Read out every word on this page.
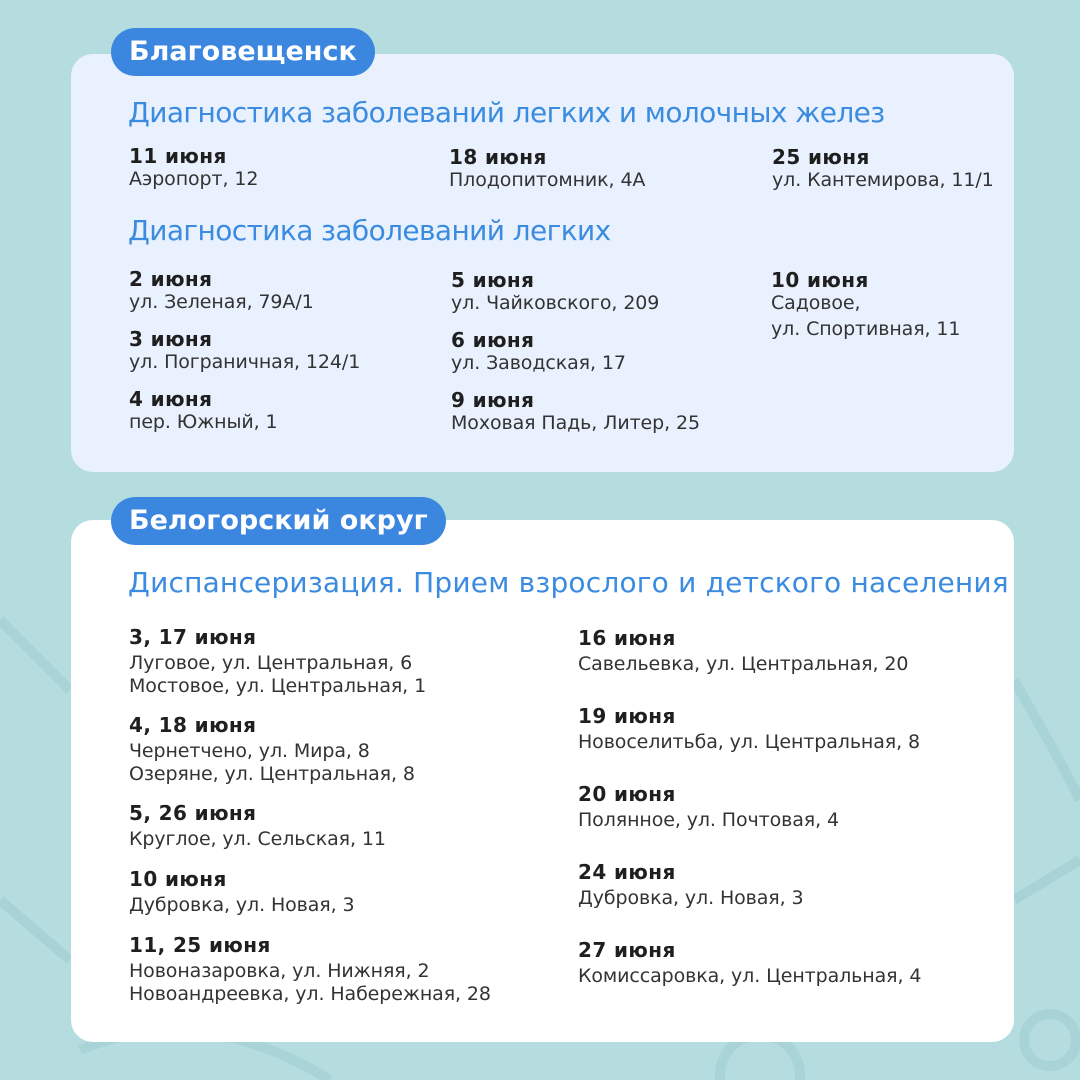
Благовещенск
Диагностика заболеваний легких и молочных желез
11 июня
Аэропорт, 12
18 июня
Плодопитомник, 4А
25 июня
ул. Кантемирова, 11/1
Диагностика заболеваний легких
2 июня
ул. Зеленая, 79А/1
3 июня
ул. Пограничная, 124/1
4 июня
пер. Южный, 1
5 июня
ул. Чайковского, 209
6 июня
ул. Заводская, 17
9 июня
Моховая Падь, Литер, 25
10 июня
Садовое,
ул. Спортивная, 11
Белогорский округ
Диспансеризация. Прием взрослого и детского населения
3, 17 июня
Луговое, ул. Центральная, 6
Мостовое, ул. Центральная, 1
4, 18 июня
Чернетчено, ул. Мира, 8
Озеряне, ул. Центральная, 8
5, 26 июня
Круглое, ул. Сельская, 11
10 июня
Дубровка, ул. Новая, 3
11, 25 июня
Новоназаровка, ул. Нижняя, 2
Новоандреевка, ул. Набережная, 28
16 июня
Савельевка, ул. Центральная, 20
19 июня
Новоселитьба, ул. Центральная, 8
20 июня
Полянное, ул. Почтовая, 4
24 июня
Дубровка, ул. Новая, 3
27 июня
Комиссаровка, ул. Центральная, 4
